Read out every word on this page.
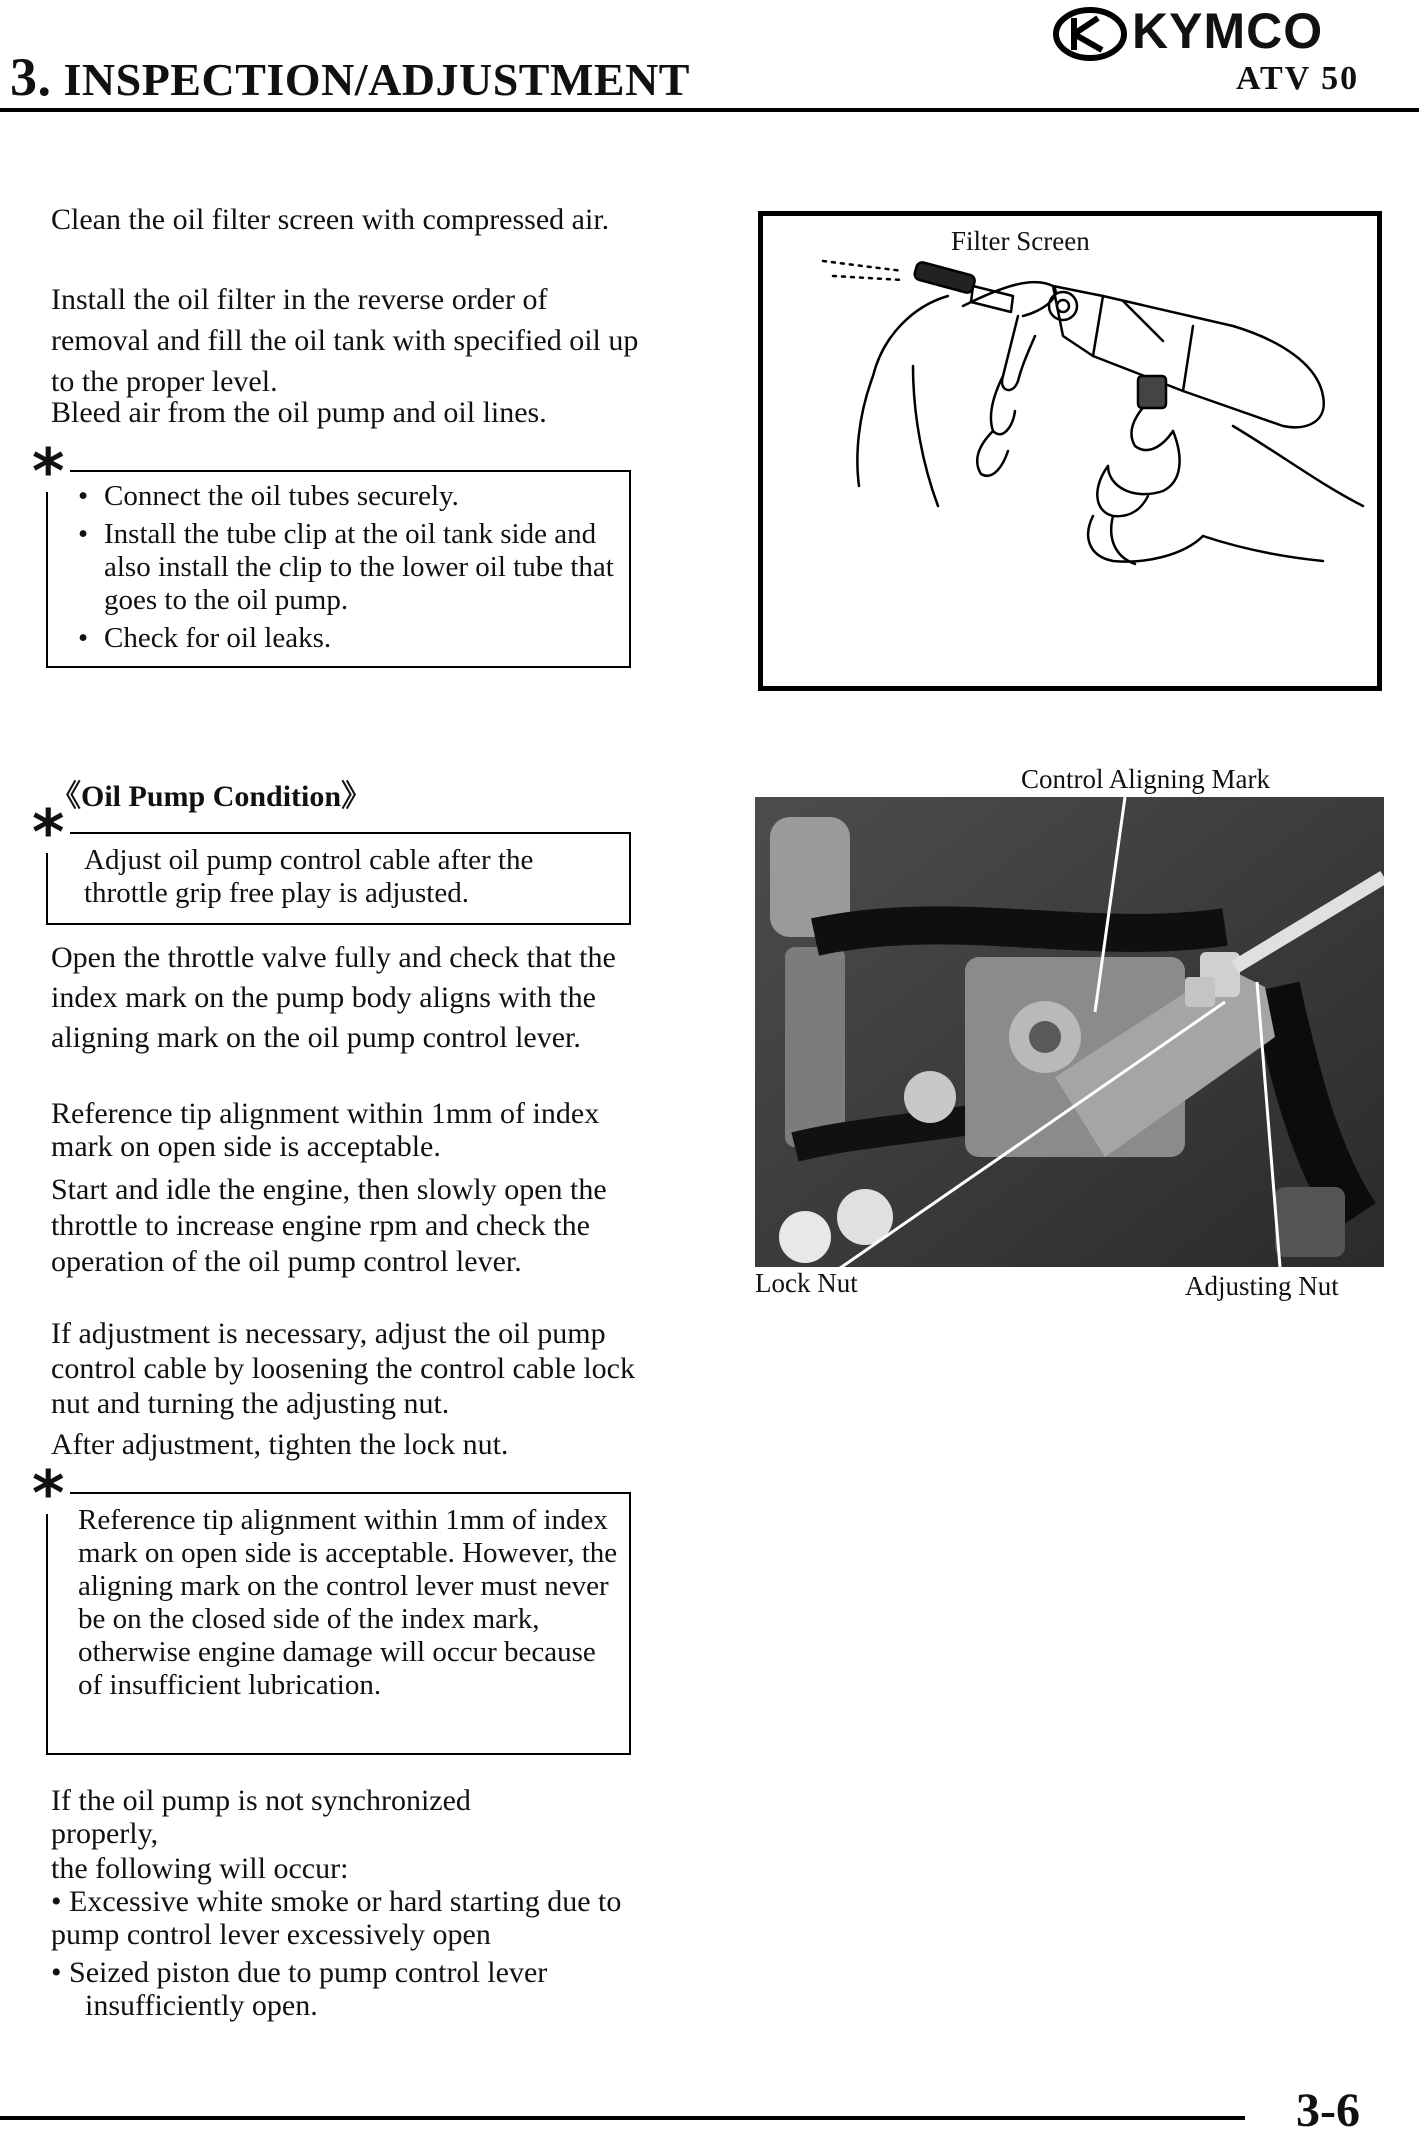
3. INSPECTION/ADJUSTMENT
KYMCO
ATV 50

Clean the oil filter screen with compressed air.

Install the oil filter in the reverse order of removal and fill the oil tank with specified oil up to the proper level.

Bleed air from the oil pump and oil lines.

• Connect the oil tubes securely.
• Install the tube clip at the oil tank side and also install the clip to the lower oil tube that goes to the oil pump.
• Check for oil leaks.
*
《Oil Pump Condition》
Adjust oil pump control cable after the throttle grip free play is adjusted.
*

Open the throttle valve fully and check that the index mark on the pump body aligns with the aligning mark on the oil pump control lever.

Reference tip alignment within 1mm of index mark on open side is acceptable.

Start and idle the engine, then slowly open the throttle to increase engine rpm and check the operation of the oil pump control lever.

If adjustment is necessary, adjust the oil pump control cable by loosening the control cable lock nut and turning the adjusting nut.

After adjustment, tighten the lock nut.

Reference tip alignment within 1mm of index mark on open side is acceptable. However, the aligning mark on the control lever must never be on the closed side of the index mark, otherwise engine damage will occur because of insufficient lubrication.
*

If the oil pump is not synchronized properly,

the following will occur:

• Excessive white smoke or hard starting due to pump control lever excessively open
• Seized piston due to pump control lever insufficiently open.
Filter Screen
Control Aligning Mark
Lock Nut	Adjusting Nut
3-6
